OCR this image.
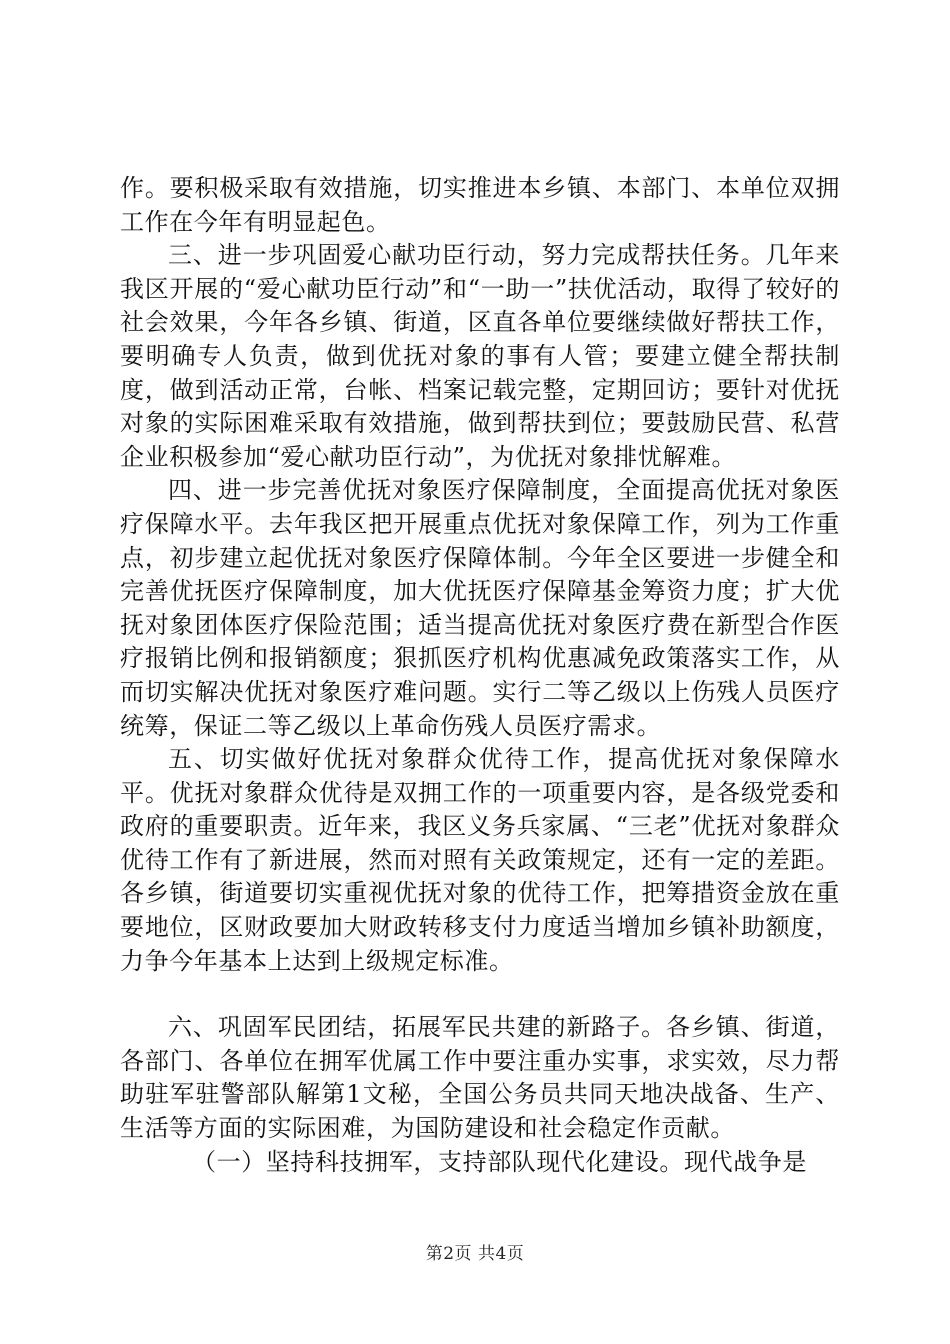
作。要积极采取有效措施，切实推进本乡镇、本部门、本单位双拥工作在今年有明显起色。

三、进一步巩固爱心献功臣行动，努力完成帮扶任务。几年来我区开展的“爱心献功臣行动”和“一助一”扶优活动，取得了较好的社会效果，今年各乡镇、街道，区直各单位要继续做好帮扶工作，要明确专人负责，做到优抚对象的事有人管；要建立健全帮扶制度，做到活动正常，台帐、档案记载完整，定期回访；要针对优抚对象的实际困难采取有效措施，做到帮扶到位；要鼓励民营、私营企业积极参加“爱心献功臣行动”，为优抚对象排忧解难。

四、进一步完善优抚对象医疗保障制度，全面提高优抚对象医疗保障水平。去年我区把开展重点优抚对象保障工作，列为工作重点，初步建立起优抚对象医疗保障体制。今年全区要进一步健全和完善优抚医疗保障制度，加大优抚医疗保障基金筹资力度；扩大优抚对象团体医疗保险范围；适当提高优抚对象医疗费在新型合作医疗报销比例和报销额度；狠抓医疗机构优惠减免政策落实工作，从而切实解决优抚对象医疗难问题。实行二等乙级以上伤残人员医疗统筹，保证二等乙级以上革命伤残人员医疗需求。

五、切实做好优抚对象群众优待工作，提高优抚对象保障水平。优抚对象群众优待是双拥工作的一项重要内容，是各级党委和政府的重要职责。近年来，我区义务兵家属、“三老”优抚对象群众优待工作有了新进展，然而对照有关政策规定，还有一定的差距。各乡镇，街道要切实重视优抚对象的优待工作，把筹措资金放在重要地位，区财政要加大财政转移支付力度适当增加乡镇补助额度，力争今年基本上达到上级规定标准。

六、巩固军民团结，拓展军民共建的新路子。各乡镇、街道，各部门、各单位在拥军优属工作中要注重办实事，求实效，尽力帮助驻军驻警部队解第1文秘，全国公务员共同天地决战备、生产、生活等方面的实际困难，为国防建设和社会稳定作贡献。

（一）坚持科技拥军，支持部队现代化建设。现代战争是

第2页 共4页
